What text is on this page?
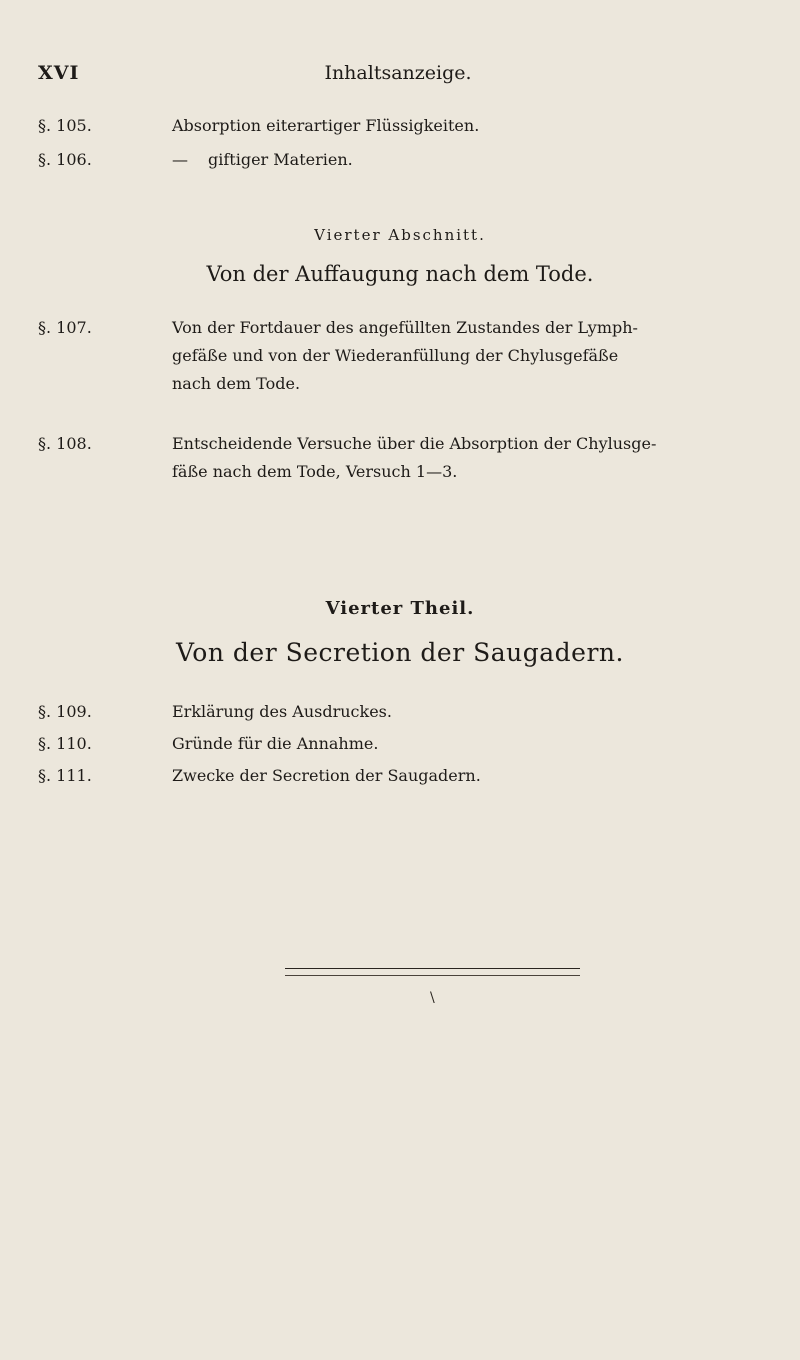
XVI	Inhaltsanzeige.
§. 105.	Absorption eiterartiger Flüssigkeiten.
§. 106.	— giftiger Materien.
Vierter Abschnitt.
Von der Auffaugung nach dem Tode.
§. 107.	Von der Fortdauer des angefüllten Zustandes der Lymph-
gefäße und von der Wiederanfüllung der Chylusgefäße
nach dem Tode.
§. 108.	Entscheidende Versuche über die Absorption der Chylusge-
fäße nach dem Tode, Versuch 1—3.
Vierter Theil.
Von der Secretion der Saugadern.
§. 109.	Erklärung des Ausdruckes.
§. 110.	Gründe für die Annahme.
§. 111.	Zwecke der Secretion der Saugadern.
\
